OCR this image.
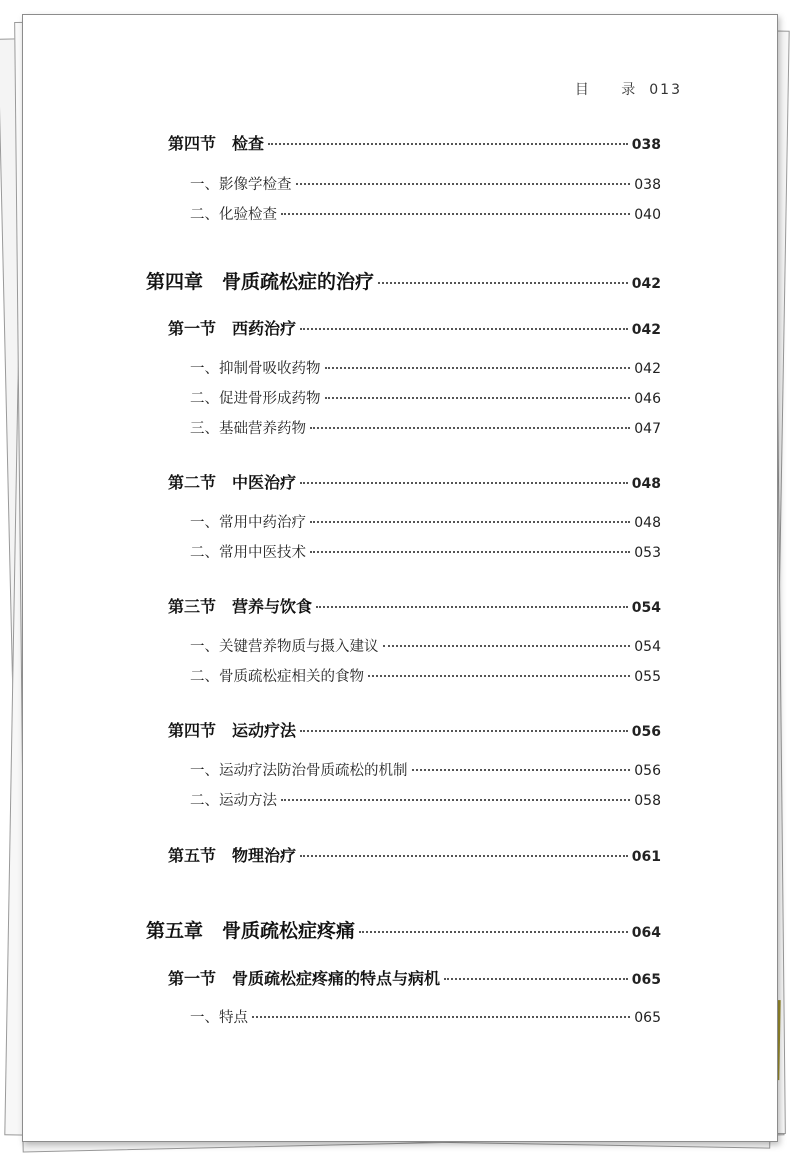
目 录013
第四节　检查	038
一、影像学检查	038
二、化验检查	040
第四章　骨质疏松症的治疗	042
第一节　西药治疗	042
一、抑制骨吸收药物	042
二、促进骨形成药物	046
三、基础营养药物	047
第二节　中医治疗	048
一、常用中药治疗	048
二、常用中医技术	053
第三节　营养与饮食	054
一、关键营养物质与摄入建议	054
二、骨质疏松症相关的食物	055
第四节　运动疗法	056
一、运动疗法防治骨质疏松的机制	056
二、运动方法	058
第五节　物理治疗	061
第五章　骨质疏松症疼痛	064
第一节　骨质疏松症疼痛的特点与病机	065
一、特点	065
